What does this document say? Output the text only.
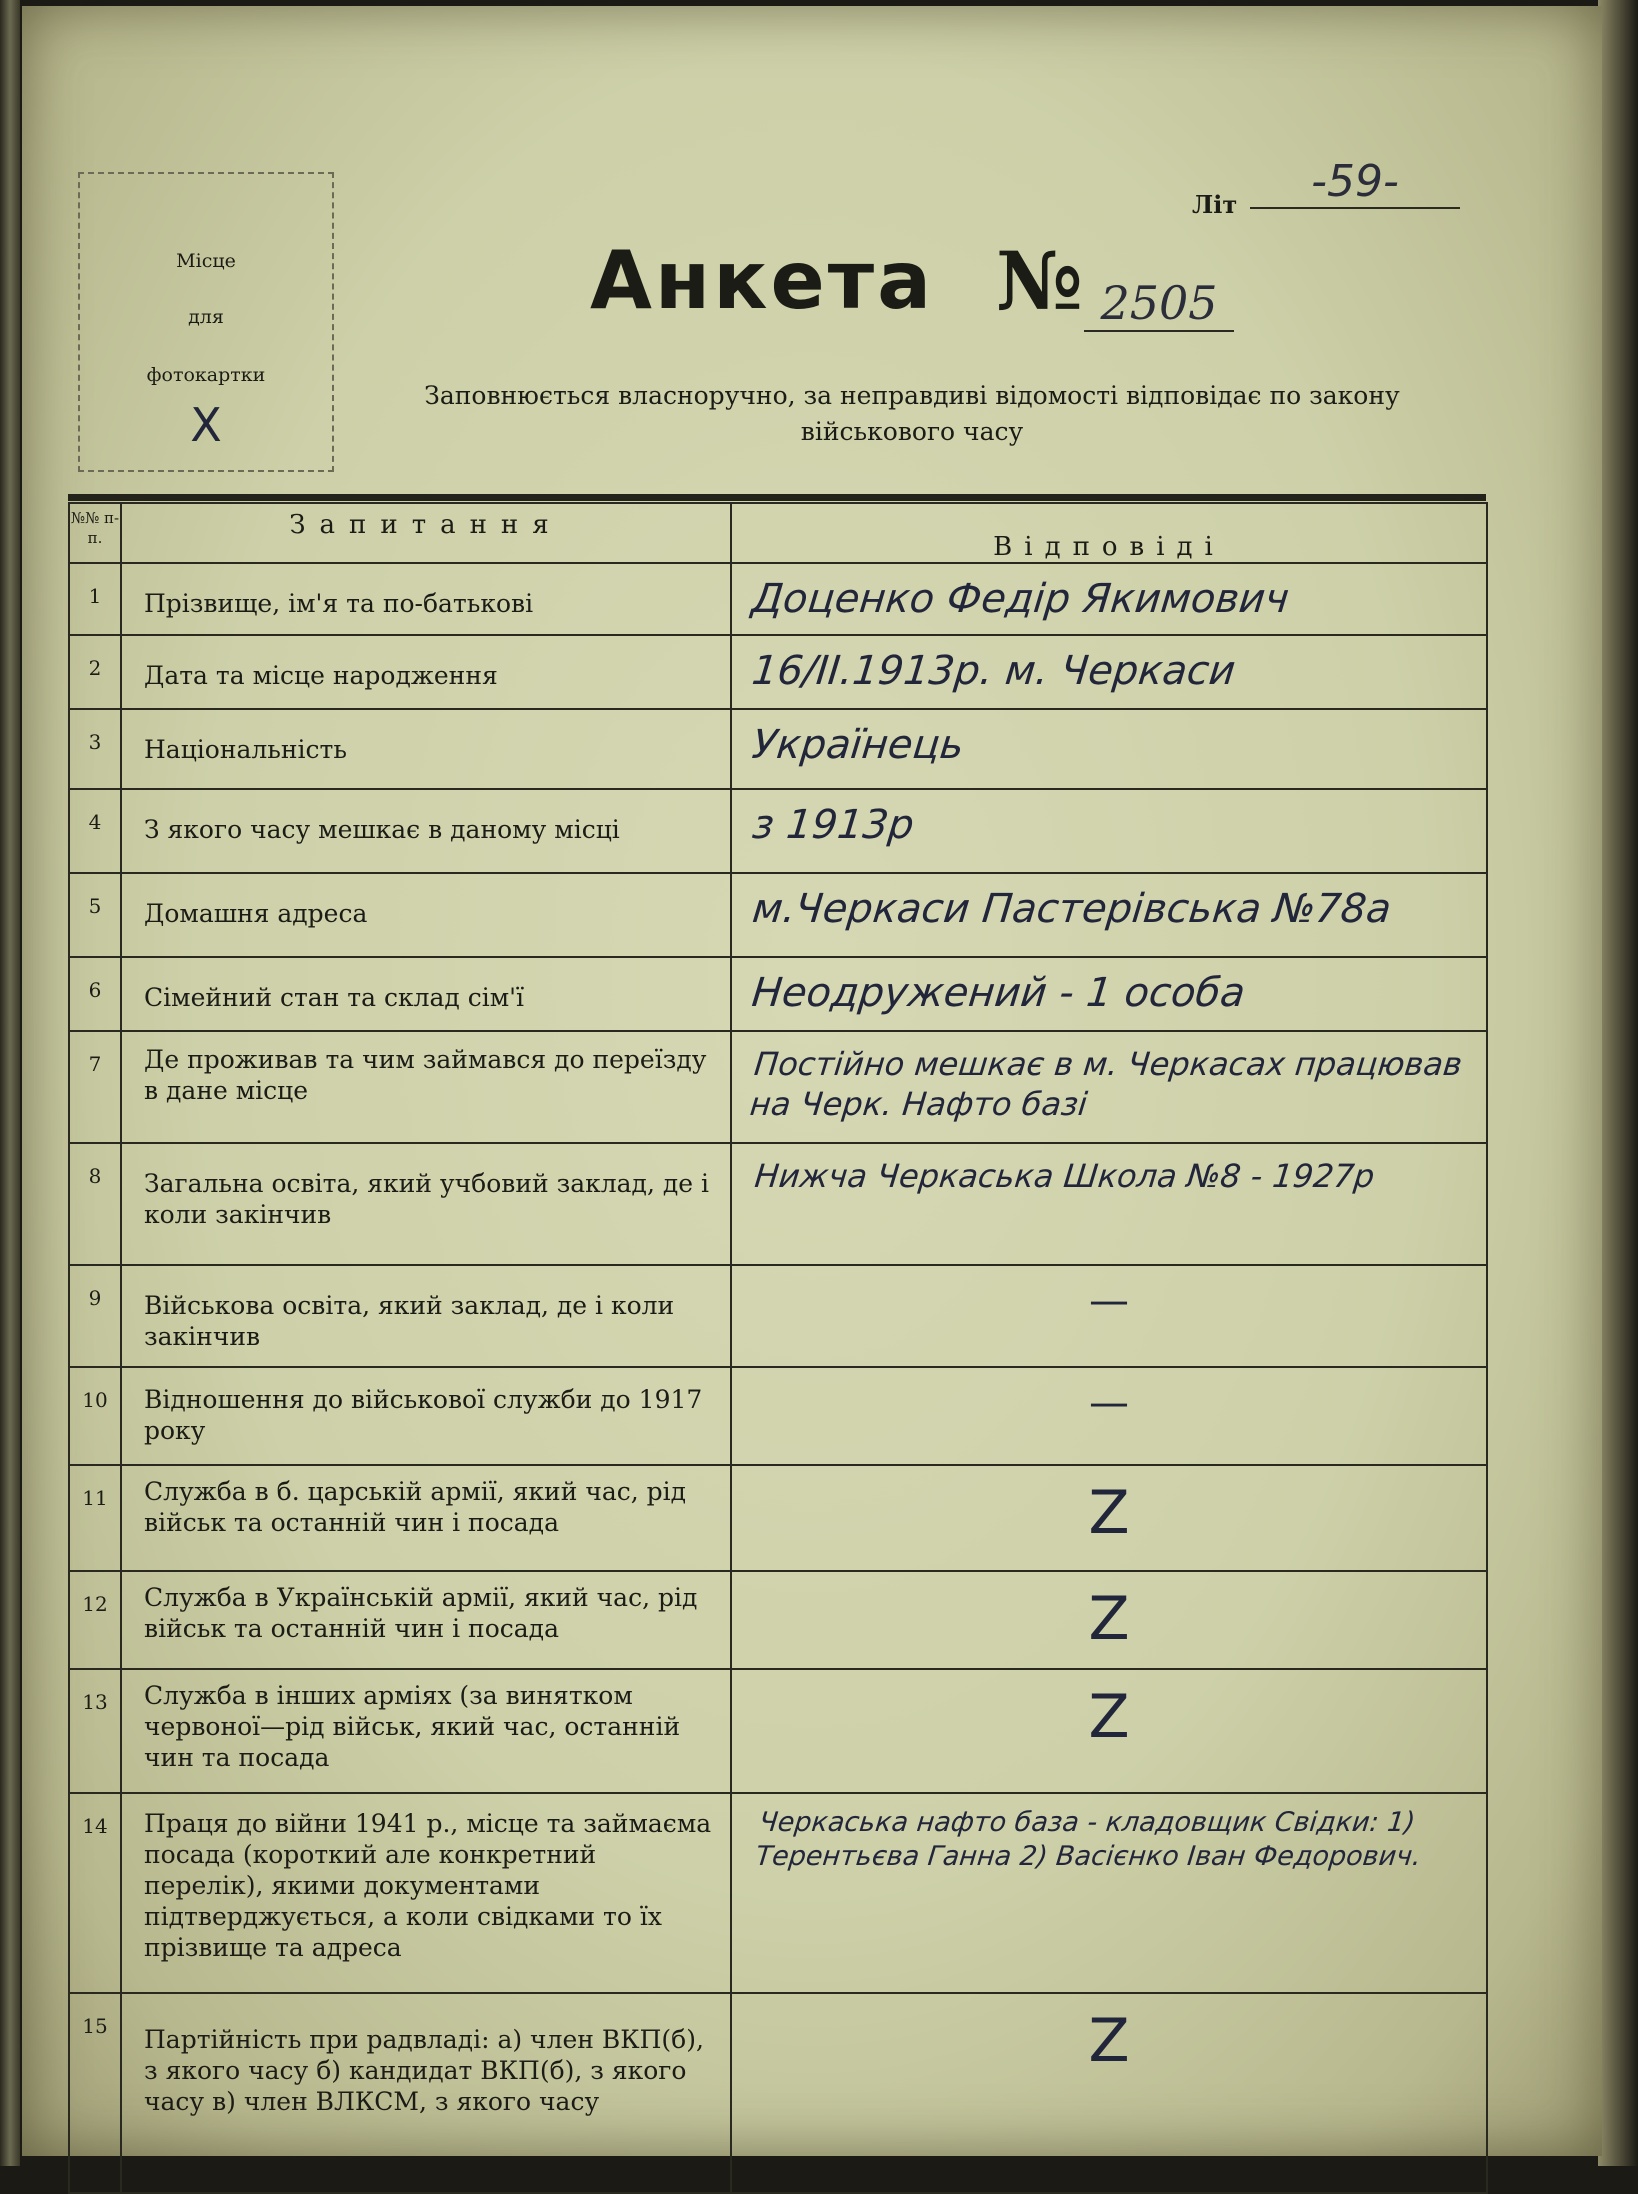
Місце
для
фотокартки
Х
Літ	-59-
Анкета № 2505
Заповнюється власноручно, за неправдиві відомості відповідає по закону
військового часу
№№ п-п.	Запитання	Відповіді
1	Прізвище, ім'я та по-батькові	Доценко Федір Якимович
2	Дата та місце народження	16/ІІ.1913р. м. Черкаси
3	Національність	Українець
4	З якого часу мешкає в даному місці	з 1913р
5	Домашня адреса	м.Черкаси Пастерівська №78а
6	Сімейний стан та склад сім'ї	Неодружений - 1 особа
7	Де проживав та чим займався до переїзду в дане місце	Постійно мешкає в м. Черкасах працював на Черк. Нафто базі
8	Загальна освіта, який учбовий заклад, де і коли закінчив	Нижча Черкаська Школа №8 - 1927р
9	Військова освіта, який заклад, де і коли закінчив	—
10	Відношення до військової служби до 1917 року	—
11	Служба в б. царській армії, який час, рід військ та останній чин і посада	Z
12	Служба в Українській армії, який час, рід військ та останній чин і посада	Z
13	Служба в інших арміях (за винятком червоної—рід військ, який час, останній чин та посада	Z
14	Праця до війни 1941 р., місце та займаєма посада (короткий але конкретний перелік), якими документами підтверджується, а коли свідками то їх прізвище та адреса	Черкаська нафто база - кладовщик Свідки: 1) Терентьєва Ганна 2) Васієнко Іван Федорович.
15	Партійність при радвладі: а) член ВКП(б), з якого часу б) кандидат ВКП(б), з якого часу в) член ВЛКСМ, з якого часу	Z
